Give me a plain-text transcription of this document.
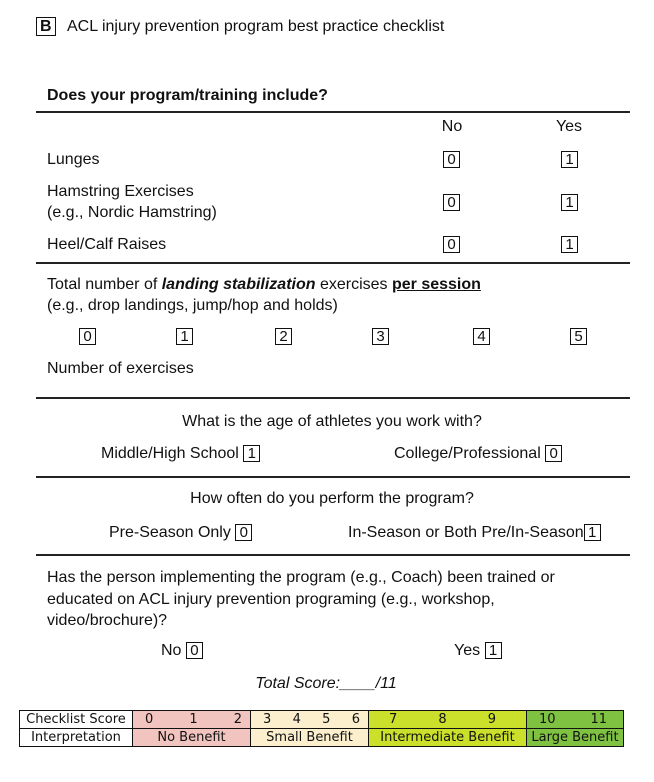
B ACL injury prevention program best practice checklist
Does your program/training include?
No	Yes
Lunges	0	1
Hamstring Exercises
(e.g., Nordic Hamstring)
0	1
Heel/Calf Raises	0	1
Total number of landing stabilization exercises per session
(e.g., drop landings, jump/hop and holds)
0	1	2	3	4	5
Number of exercises
What is the age of athletes you work with?
Middle/High School 1	College/Professional 0
How often do you perform the program?
Pre-Season Only 0	In-Season or Both Pre/In-Season 1
Has the person implementing the program (e.g., Coach) been trained or
educated on ACL injury prevention programing (e.g., workshop,
video/brochure)?
No 0	Yes 1
Total Score:____/11
Checklist Score	0 1 2	3 4 5 6	7 8 9	10 11

Interpretation	No Benefit	Small Benefit	Intermediate Benefit	Large Benefit
